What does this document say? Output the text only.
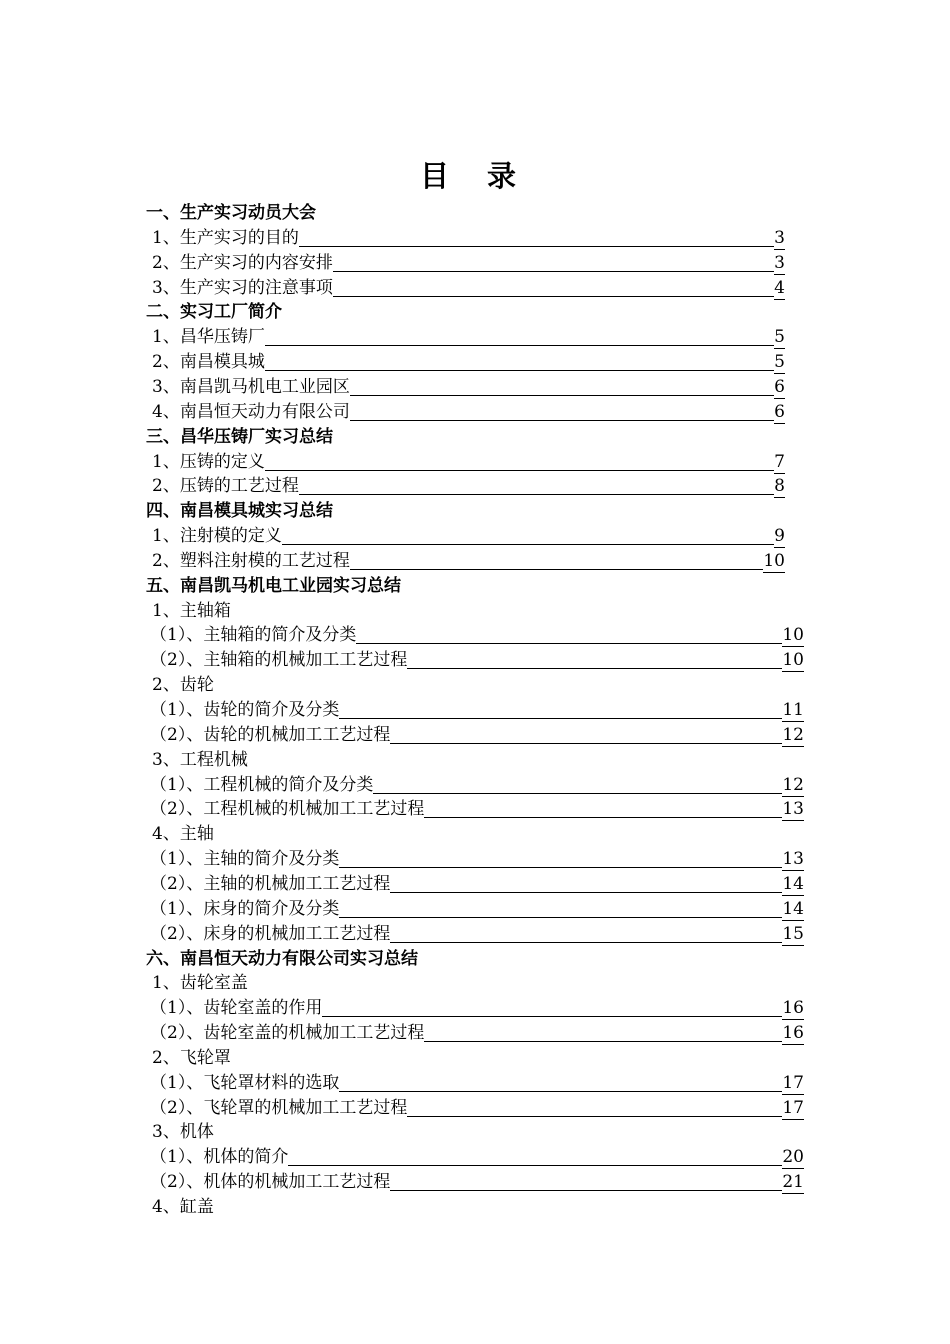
目 录
一、生产实习动员大会
1、生产实习的目的	3
2、生产实习的内容安排	3
3、生产实习的注意事项	4
二、实习工厂简介
1、昌华压铸厂	5
2、南昌模具城	5
3、南昌凯马机电工业园区	6
4、南昌恒天动力有限公司	6
三、昌华压铸厂实习总结
1、压铸的定义	7
2、压铸的工艺过程	8
四、南昌模具城实习总结
1、注射模的定义	9
2、塑料注射模的工艺过程	10
五、南昌凯马机电工业园实习总结
1、主轴箱
（1）、主轴箱的简介及分类	10
（2）、主轴箱的机械加工工艺过程	10
2、齿轮
（1）、齿轮的简介及分类	11
（2）、齿轮的机械加工工艺过程	12
3、工程机械
（1）、工程机械的简介及分类	12
（2）、工程机械的机械加工工艺过程	13
4、主轴
（1）、主轴的简介及分类	13
（2）、主轴的机械加工工艺过程	14
（1）、床身的简介及分类	14
（2）、床身的机械加工工艺过程	15
六、南昌恒天动力有限公司实习总结
1、齿轮室盖
（1）、齿轮室盖的作用	16
（2）、齿轮室盖的机械加工工艺过程	16
2、飞轮罩
（1）、飞轮罩材料的选取	17
（2）、飞轮罩的机械加工工艺过程	17
3、机体
（1）、机体的简介	20
（2）、机体的机械加工工艺过程	21
4、缸盖
